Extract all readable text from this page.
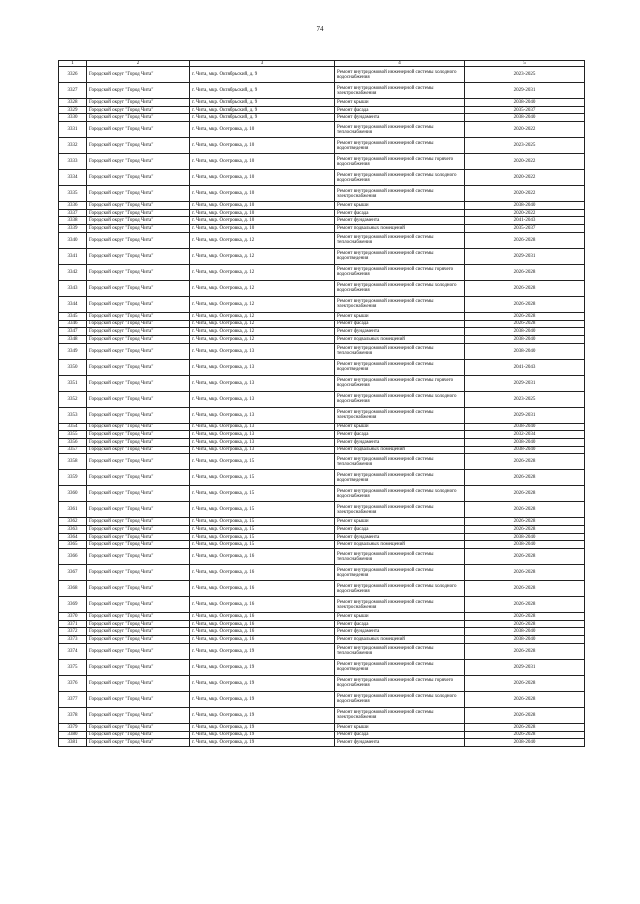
74
1	2	3	4	5
3326	Городской округ "Город Чита"	г. Чита, мкр. Октябрьский, д. 9	Ремонт внутридомовой инженерной системы холодного водоснабжения	2023-2025
3327	Городской округ "Город Чита"	г. Чита, мкр. Октябрьский, д. 9	Ремонт внутридомовой инженерной системы электроснабжения	2029-2031
3328	Городской округ "Город Чита"	г. Чита, мкр. Октябрьский, д. 9	Ремонт крыши	2038-2040
3329	Городской округ "Город Чита"	г. Чита, мкр. Октябрьский, д. 9	Ремонт фасада	2035-2037
3330	Городской округ "Город Чита"	г. Чита, мкр. Октябрьский, д. 9	Ремонт фундамента	2038-2040
3331	Городской округ "Город Чита"	г. Чита, мкр. Осетровка, д. 10	Ремонт внутридомовой инженерной системы теплоснабжения	2020-2022
3332	Городской округ "Город Чита"	г. Чита, мкр. Осетровка, д. 10	Ремонт внутридомовой инженерной системы водоотведения	2023-2025
3333	Городской округ "Город Чита"	г. Чита, мкр. Осетровка, д. 10	Ремонт внутридомовой инженерной системы горячего водоснабжения	2020-2022
3334	Городской округ "Город Чита"	г. Чита, мкр. Осетровка, д. 10	Ремонт внутридомовой инженерной системы холодного водоснабжения	2020-2022
3335	Городской округ "Город Чита"	г. Чита, мкр. Осетровка, д. 10	Ремонт внутридомовой инженерной системы электроснабжения	2020-2022
3336	Городской округ "Город Чита"	г. Чита, мкр. Осетровка, д. 10	Ремонт крыши	2038-2040
3337	Городской округ "Город Чита"	г. Чита, мкр. Осетровка, д. 10	Ремонт фасада	2020-2022
3338	Городской округ "Город Чита"	г. Чита, мкр. Осетровка, д. 10	Ремонт фундамента	2041-2043
3339	Городской округ "Город Чита"	г. Чита, мкр. Осетровка, д. 10	Ремонт подвальных помещений	2035-2037
3340	Городской округ "Город Чита"	г. Чита, мкр. Осетровка, д. 12	Ремонт внутридомовой инженерной системы теплоснабжения	2026-2028
3341	Городской округ "Город Чита"	г. Чита, мкр. Осетровка, д. 12	Ремонт внутридомовой инженерной системы водоотведения	2029-2031
3342	Городской округ "Город Чита"	г. Чита, мкр. Осетровка, д. 12	Ремонт внутридомовой инженерной системы горячего водоснабжения	2026-2028
3343	Городской округ "Город Чита"	г. Чита, мкр. Осетровка, д. 12	Ремонт внутридомовой инженерной системы холодного водоснабжения	2026-2028
3344	Городской округ "Город Чита"	г. Чита, мкр. Осетровка, д. 12	Ремонт внутридомовой инженерной системы электроснабжения	2026-2028
3345	Городской округ "Город Чита"	г. Чита, мкр. Осетровка, д. 12	Ремонт крыши	2026-2028
3346	Городской округ "Город Чита"	г. Чита, мкр. Осетровка, д. 12	Ремонт фасада	2026-2028
3347	Городской округ "Город Чита"	г. Чита, мкр. Осетровка, д. 12	Ремонт фундамента	2038-2040
3348	Городской округ "Город Чита"	г. Чита, мкр. Осетровка, д. 12	Ремонт подвальных помещений	2038-2040
3349	Городской округ "Город Чита"	г. Чита, мкр. Осетровка, д. 13	Ремонт внутридомовой инженерной системы теплоснабжения	2038-2040
3350	Городской округ "Город Чита"	г. Чита, мкр. Осетровка, д. 13	Ремонт внутридомовой инженерной системы водоотведения	2041-2043
3351	Городской округ "Город Чита"	г. Чита, мкр. Осетровка, д. 13	Ремонт внутридомовой инженерной системы горячего водоснабжения	2029-2031
3352	Городской округ "Город Чита"	г. Чита, мкр. Осетровка, д. 13	Ремонт внутридомовой инженерной системы холодного водоснабжения	2023-2025
3353	Городской округ "Город Чита"	г. Чита, мкр. Осетровка, д. 13	Ремонт внутридомовой инженерной системы электроснабжения	2029-2031
3354	Городской округ "Город Чита"	г. Чита, мкр. Осетровка, д. 13	Ремонт крыши	2038-2040
3355	Городской округ "Город Чита"	г. Чита, мкр. Осетровка, д. 13	Ремонт фасада	2032-2034
3356	Городской округ "Город Чита"	г. Чита, мкр. Осетровка, д. 13	Ремонт фундамента	2038-2040
3357	Городской округ "Город Чита"	г. Чита, мкр. Осетровка, д. 13	Ремонт подвальных помещений	2038-2040
3358	Городской округ "Город Чита"	г. Чита, мкр. Осетровка, д. 15	Ремонт внутридомовой инженерной системы теплоснабжения	2026-2028
3359	Городской округ "Город Чита"	г. Чита, мкр. Осетровка, д. 15	Ремонт внутридомовой инженерной системы водоотведения	2026-2028
3360	Городской округ "Город Чита"	г. Чита, мкр. Осетровка, д. 15	Ремонт внутридомовой инженерной системы холодного водоснабжения	2026-2028
3361	Городской округ "Город Чита"	г. Чита, мкр. Осетровка, д. 15	Ремонт внутридомовой инженерной системы электроснабжения	2026-2028
3362	Городской округ "Город Чита"	г. Чита, мкр. Осетровка, д. 15	Ремонт крыши	2026-2028
3363	Городской округ "Город Чита"	г. Чита, мкр. Осетровка, д. 15	Ремонт фасада	2026-2028
3364	Городской округ "Город Чита"	г. Чита, мкр. Осетровка, д. 15	Ремонт фундамента	2038-2040
3365	Городской округ "Город Чита"	г. Чита, мкр. Осетровка, д. 15	Ремонт подвальных помещений	2038-2040
3366	Городской округ "Город Чита"	г. Чита, мкр. Осетровка, д. 16	Ремонт внутридомовой инженерной системы теплоснабжения	2026-2028
3367	Городской округ "Город Чита"	г. Чита, мкр. Осетровка, д. 16	Ремонт внутридомовой инженерной системы водоотведения	2026-2028
3368	Городской округ "Город Чита"	г. Чита, мкр. Осетровка, д. 16	Ремонт внутридомовой инженерной системы холодного водоснабжения	2026-2028
3369	Городской округ "Город Чита"	г. Чита, мкр. Осетровка, д. 16	Ремонт внутридомовой инженерной системы электроснабжения	2026-2028
3370	Городской округ "Город Чита"	г. Чита, мкр. Осетровка, д. 16	Ремонт крыши	2026-2028
3371	Городской округ "Город Чита"	г. Чита, мкр. Осетровка, д. 16	Ремонт фасада	2026-2028
3372	Городской округ "Город Чита"	г. Чита, мкр. Осетровка, д. 16	Ремонт фундамента	2038-2040
3373	Городской округ "Город Чита"	г. Чита, мкр. Осетровка, д. 16	Ремонт подвальных помещений	2038-2040
3374	Городской округ "Город Чита"	г. Чита, мкр. Осетровка, д. 19	Ремонт внутридомовой инженерной системы теплоснабжения	2026-2028
3375	Городской округ "Город Чита"	г. Чита, мкр. Осетровка, д. 19	Ремонт внутридомовой инженерной системы водоотведения	2029-2031
3376	Городской округ "Город Чита"	г. Чита, мкр. Осетровка, д. 19	Ремонт внутридомовой инженерной системы горячего водоснабжения	2026-2028
3377	Городской округ "Город Чита"	г. Чита, мкр. Осетровка, д. 19	Ремонт внутридомовой инженерной системы холодного водоснабжения	2026-2028
3378	Городской округ "Город Чита"	г. Чита, мкр. Осетровка, д. 19	Ремонт внутридомовой инженерной системы электроснабжения	2026-2028
3379	Городской округ "Город Чита"	г. Чита, мкр. Осетровка, д. 19	Ремонт крыши	2026-2028
3380	Городской округ "Город Чита"	г. Чита, мкр. Осетровка, д. 19	Ремонт фасада	2026-2028
3381	Городской округ "Город Чита"	г. Чита, мкр. Осетровка, д. 19	Ремонт фундамента	2038-2040
